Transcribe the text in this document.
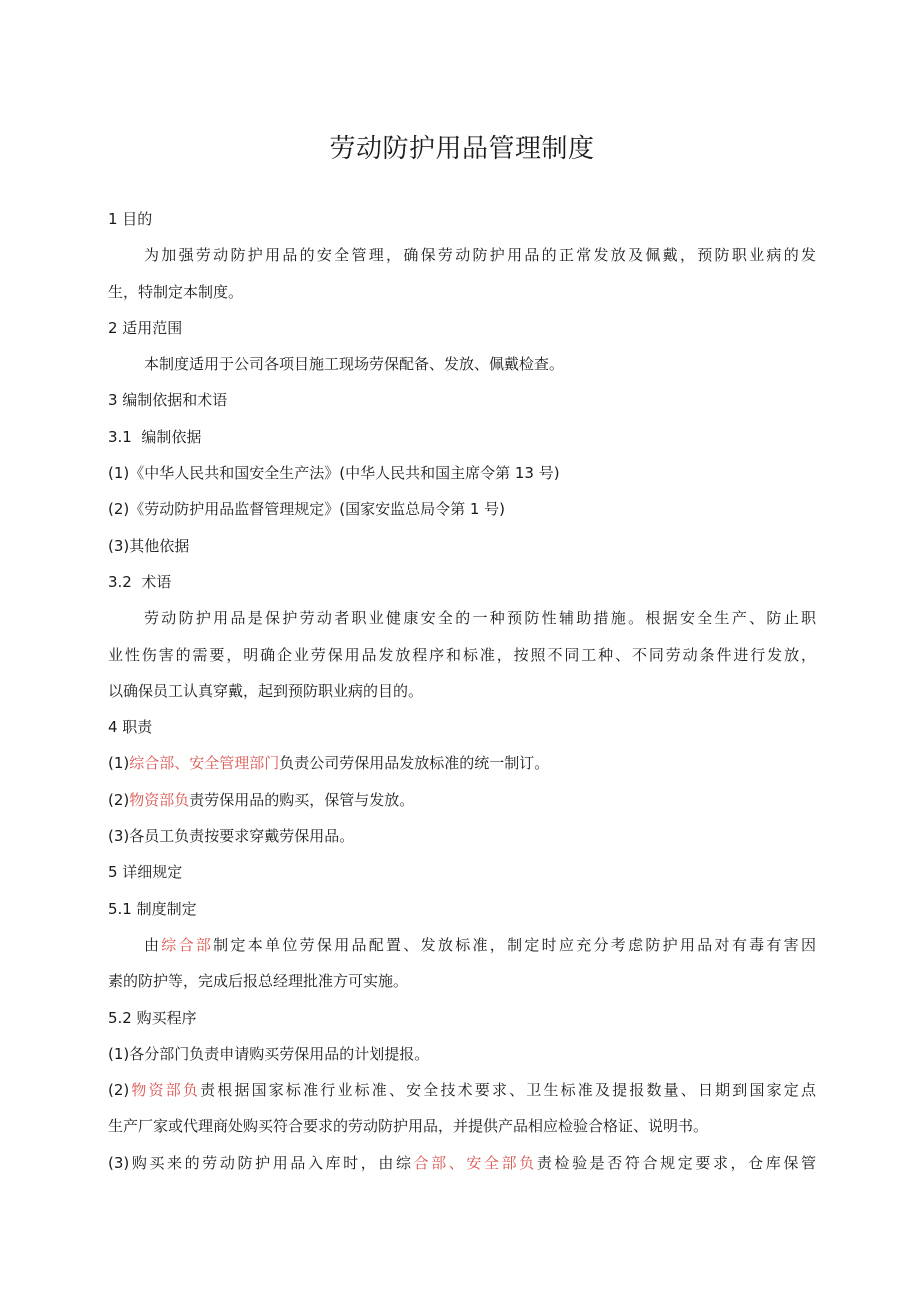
劳动防护用品管理制度

1 目的

为加强劳动防护用品的安全管理，确保劳动防护用品的正常发放及佩戴，预防职业病的发

生，特制定本制度。

2 适用范围

本制度适用于公司各项目施工现场劳保配备、发放、佩戴检查。

3 编制依据和术语

3.1  编制依据

(1)《中华人民共和国安全生产法》(中华人民共和国主席令第 13 号)

(2)《劳动防护用品监督管理规定》(国家安监总局令第 1 号)

(3)其他依据

3.2  术语

劳动防护用品是保护劳动者职业健康安全的一种预防性辅助措施。根据安全生产、防止职

业性伤害的需要，明确企业劳保用品发放程序和标准，按照不同工种、不同劳动条件进行发放，

以确保员工认真穿戴，起到预防职业病的目的。

4 职责

(1)综合部、安全管理部门负责公司劳保用品发放标准的统一制订。

(2)物资部负责劳保用品的购买，保管与发放。

(3)各员工负责按要求穿戴劳保用品。

5 详细规定

5.1 制度制定

由综合部制定本单位劳保用品配置、发放标准，制定时应充分考虑防护用品对有毒有害因

素的防护等，完成后报总经理批准方可实施。

5.2 购买程序

(1)各分部门负责申请购买劳保用品的计划提报。

(2)物资部负责根据国家标准行业标准、安全技术要求、卫生标准及提报数量、日期到国家定点

生产厂家或代理商处购买符合要求的劳动防护用品，并提供产品相应检验合格证、说明书。

(3)购买来的劳动防护用品入库时，由综合部、安全部负责检验是否符合规定要求，仓库保管
